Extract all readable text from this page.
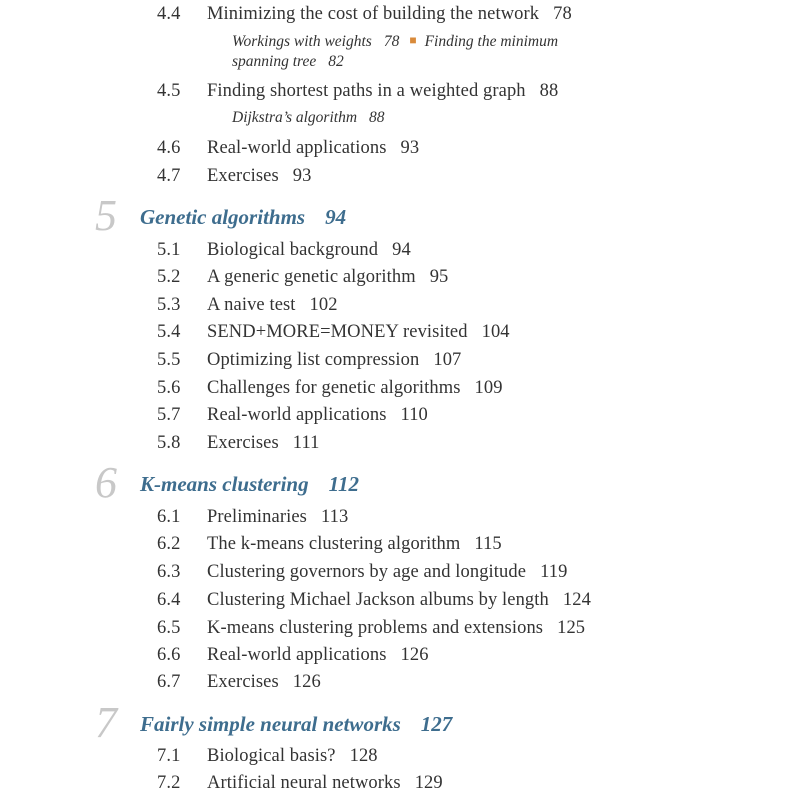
4.4 Minimizing the cost of building the network 78
Workings with weights 78 ■ Finding the minimum
spanning tree 82
4.5 Finding shortest paths in a weighted graph 88
Dijkstra’s algorithm 88
4.6 Real-world applications 93
4.7 Exercises 93
5 Genetic algorithms 94
5.1 Biological background 94
5.2 A generic genetic algorithm 95
5.3 A naive test 102
5.4 SEND+MORE=MONEY revisited 104
5.5 Optimizing list compression 107
5.6 Challenges for genetic algorithms 109
5.7 Real-world applications 110
5.8 Exercises 111
6 K-means clustering 112
6.1 Preliminaries 113
6.2 The k-means clustering algorithm 115
6.3 Clustering governors by age and longitude 119
6.4 Clustering Michael Jackson albums by length 124
6.5 K-means clustering problems and extensions 125
6.6 Real-world applications 126
6.7 Exercises 126
7 Fairly simple neural networks 127
7.1 Biological basis? 128
7.2 Artificial neural networks 129
